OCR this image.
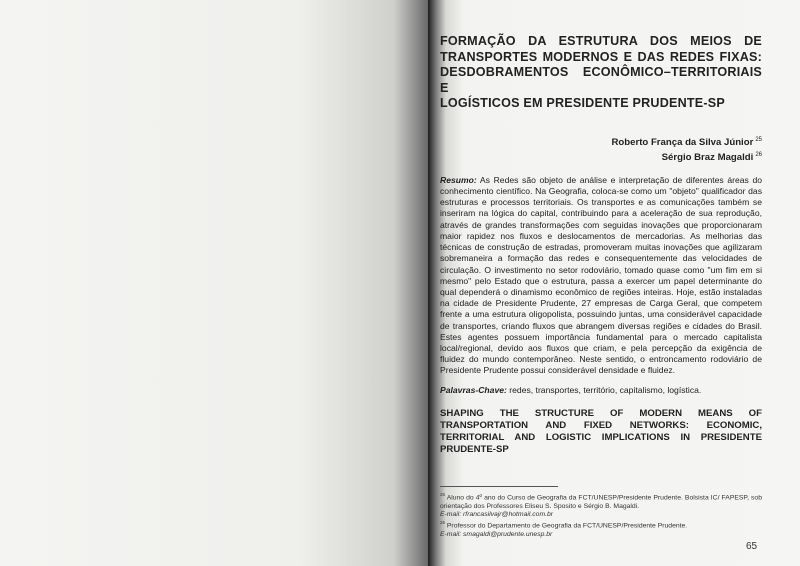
FORMAÇÃO DA ESTRUTURA DOS MEIOS DE
TRANSPORTES MODERNOS E DAS REDES FIXAS:
DESDOBRAMENTOS ECONÔMICO–TERRITORIAIS E
LOGÍSTICOS EM PRESIDENTE PRUDENTE-SP
Roberto França da Silva Júnior $^{25}$
Sérgio Braz Magaldi $^{26}$

Resumo: As Redes são objeto de análise e interpretação de diferentes áreas do conhecimento científico. Na Geografia, coloca-se como um "objeto" qualificador das estruturas e processos territoriais. Os transportes e as comunicações também se inseriram na lógica do capital, contribuindo para a aceleração de sua reprodução, através de grandes transformações com seguidas inovações que proporcionaram maior rapidez nos fluxos e deslocamentos de mercadorias. As melhorias das técnicas de construção de estradas, promoveram muitas inovações que agilizaram sobremaneira a formação das redes e consequentemente das velocidades de circulação. O investimento no setor rodoviário, tomado quase como "um fim em si mesmo" pelo Estado que o estrutura, passa a exercer um papel determinante do qual dependerá o dinamismo econômico de regiões inteiras. Hoje, estão instaladas na cidade de Presidente Prudente, 27 empresas de Carga Geral, que competem frente a uma estrutura oligopolista, possuindo juntas, uma considerável capacidade de transportes, criando fluxos que abrangem diversas regiões e cidades do Brasil. Estes agentes possuem importância fundamental para o mercado capitalista local/regional, devido aos fluxos que criam, e pela percepção da exigência de fluidez do mundo contemporâneo. Neste sentido, o entroncamento rodoviário de Presidente Prudente possui considerável densidade e fluidez.

Palavras-Chave: redes, transportes, território, capitalismo, logística.
SHAPING THE STRUCTURE OF MODERN MEANS OF
TRANSPORTATION AND FIXED NETWORKS: ECONOMIC,
TERRITORIAL AND LOGISTIC IMPLICATIONS IN PRESIDENTE
PRUDENTE-SP

$^{25}$ Aluno do 4º ano do Curso de Geografia da FCT/UNESP/Presidente Prudente. Bolsista IC/ FAPESP, sob orientação dos Professores Eliseu S. Sposito e Sérgio B. Magaldi.

E-mail: rfrancasilvajr@hotmail.com.br

$^{26}$ Professor do Departamento de Geografia da FCT/UNESP/Presidente Prudente.

E-mail: smagaldi@prudente.unesp.br

65
